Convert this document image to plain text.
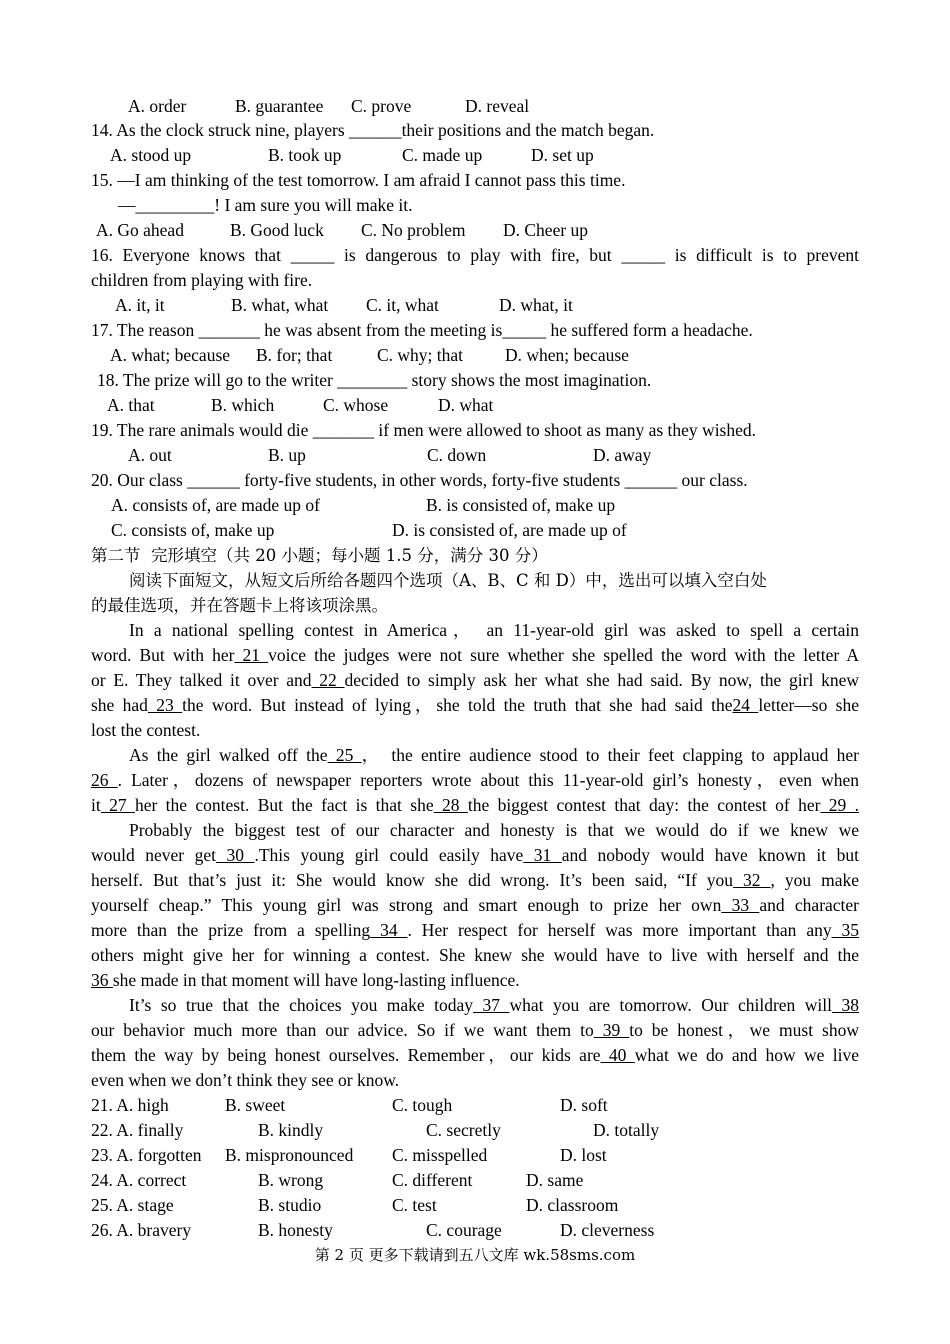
A. order	B. guarantee C. prove	D. reveal
14. As the clock struck nine, players ______their positions and the match began.
A. stood up	B. took up	C. made up	D. set up
15. —I am thinking of the test tomorrow. I am afraid I cannot pass this time.
—_________! I am sure you will make it.
A. Go ahead	B. Good luck C. No problem D. Cheer up
16. Everyone knows that _____ is dangerous to play with fire, but _____ is difficult is to prevent
children from playing with fire.
A. it, it	B. what, what C. it, what	D. what, it
17. The reason _______ he was absent from the meeting is_____ he suffered form a headache.
A. what; because B. for; that	C. why; that D. when; because
18. The prize will go to the writer ________ story shows the most imagination.
A. that	B. which	C. whose	D. what
19. The rare animals would die _______ if men were allowed to shoot as many as they wished.
A. out	B. up	C. down	D. away
20. Our class ______ forty-five students, in other words, forty-five students ______ our class.
A. consists of, are made up of	B. is consisted of, make up
C. consists of, make up	D. is consisted of, are made up of
第二节  完形填空（共 20 小题；每小题 1.5 分，满分 30 分）
阅读下面短文，从短文后所给各题四个选项（A、B、C 和 D）中，选出可以填入空白处
的最佳选项，并在答题卡上将该项涂黑。
In a national spelling contest in America， an 11-year-old girl was asked to spell a certain
word. But with her 21 voice the judges were not sure whether she spelled the word with the letter A
or E. They talked it over and 22 decided to simply ask her what she had said. By now, the girl knew
she had 23 the word. But instead of lying，she told the truth that she had said the24 letter—so she
lost the contest.
As the girl walked off the 25 ， the entire audience stood to their feet clapping to applaud her
26 . Later，dozens of newspaper reporters wrote about this 11-year-old girl’s honesty，even when
it 27 her the contest. But the fact is that she 28 the biggest contest that day: the contest of her 29 .
Probably the biggest test of our character and honesty is that we would do if we knew we
would never get 30 .This young girl could easily have 31 and nobody would have known it but
herself. But that’s just it: She would know she did wrong. It’s been said, “If you 32 , you make
yourself cheap.” This young girl was strong and smart enough to prize her own 33 and character
more than the prize from a spelling 34 . Her respect for herself was more important than any 35
others might give her for winning a contest. She knew she would have to live with herself and the
36 she made in that moment will have long-lasting influence.
It’s so true that the choices you make today 37 what you are tomorrow. Our children will 38
our behavior much more than our advice. So if we want them to 39 to be honest，we must show
them the way by being honest ourselves. Remember，our kids are 40 what we do and how we live
even when we don’t think they see or know.
21. A. high	B. sweet	C. tough	D. soft
22. A. finally	B. kindly	C. secretly	D. totally
23. A. forgotten B. mispronounced C. misspelled	D. lost
24. A. correct	B. wrong	C. different	D. same
25. A. stage	B. studio	C. test	D. classroom
26. A. bravery	B. honesty	C. courage	D. cleverness
第 2 页 更多下载请到五八文库 wk.58sms.com
